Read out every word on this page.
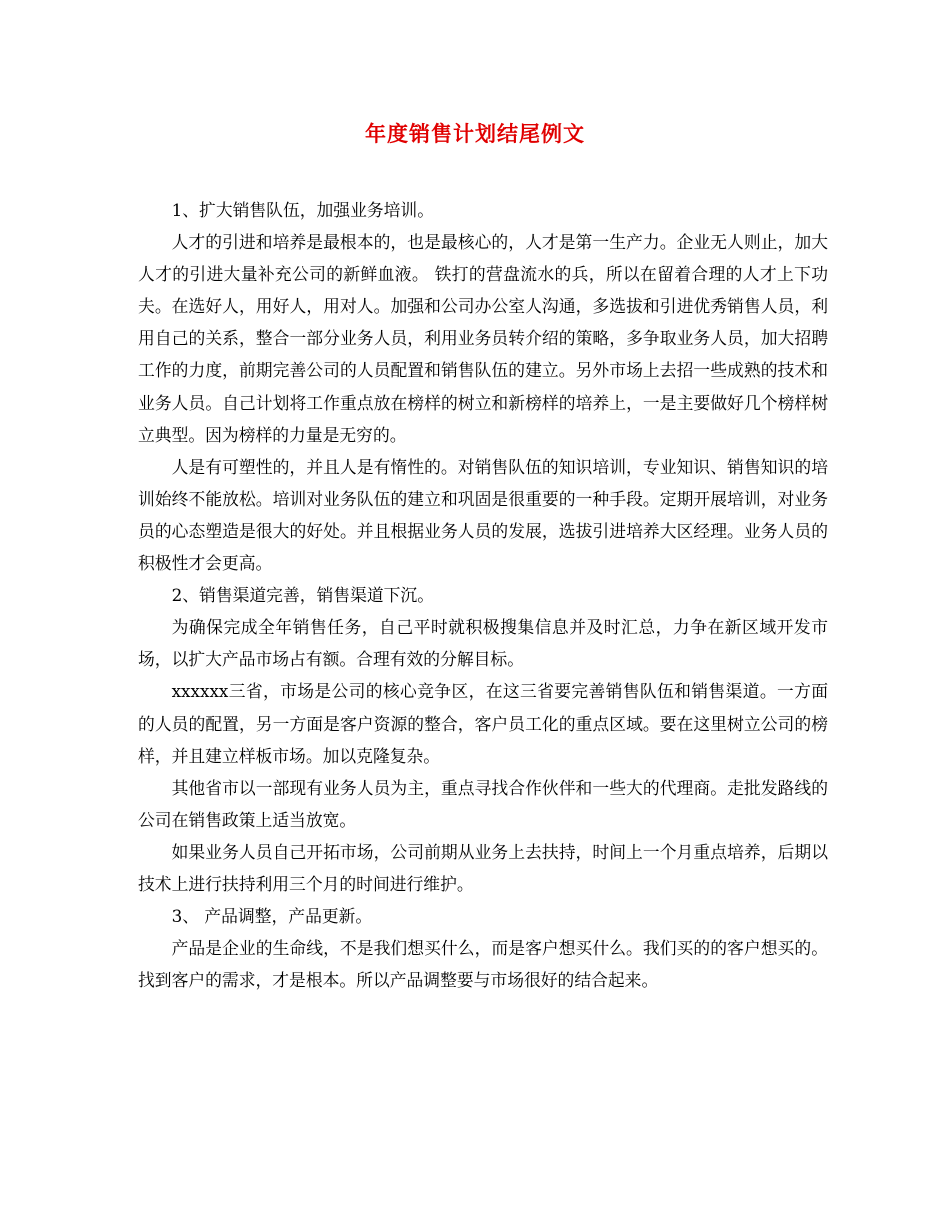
年度销售计划结尾例文

1、扩大销售队伍，加强业务培训。

人才的引进和培养是最根本的，也是最核心的，人才是第一生产力。企业无人则止，加大人才的引进大量补充公司的新鲜血液。 铁打的营盘流水的兵，所以在留着合理的人才上下功夫。在选好人，用好人，用对人。加强和公司办公室人沟通，多选拔和引进优秀销售人员，利用自己的关系，整合一部分业务人员，利用业务员转介绍的策略，多争取业务人员，加大招聘工作的力度，前期完善公司的人员配置和销售队伍的建立。另外市场上去招一些成熟的技术和业务人员。自己计划将工作重点放在榜样的树立和新榜样的培养上，一是主要做好几个榜样树立典型。因为榜样的力量是无穷的。

人是有可塑性的，并且人是有惰性的。对销售队伍的知识培训，专业知识、销售知识的培训始终不能放松。培训对业务队伍的建立和巩固是很重要的一种手段。定期开展培训，对业务员的心态塑造是很大的好处。并且根据业务人员的发展，选拔引进培养大区经理。业务人员的积极性才会更高。

2、销售渠道完善，销售渠道下沉。

为确保完成全年销售任务，自己平时就积极搜集信息并及时汇总，力争在新区域开发市场，以扩大产品市场占有额。合理有效的分解目标。

xxxxxx三省，市场是公司的核心竞争区，在这三省要完善销售队伍和销售渠道。一方面的人员的配置，另一方面是客户资源的整合，客户员工化的重点区域。要在这里树立公司的榜样，并且建立样板市场。加以克隆复杂。

其他省市以一部现有业务人员为主，重点寻找合作伙伴和一些大的代理商。走批发路线的公司在销售政策上适当放宽。

如果业务人员自己开拓市场，公司前期从业务上去扶持，时间上一个月重点培养，后期以技术上进行扶持利用三个月的时间进行维护。

3、 产品调整，产品更新。

产品是企业的生命线，不是我们想买什么，而是客户想买什么。我们买的的客户想买的。找到客户的需求，才是根本。所以产品调整要与市场很好的结合起来。
